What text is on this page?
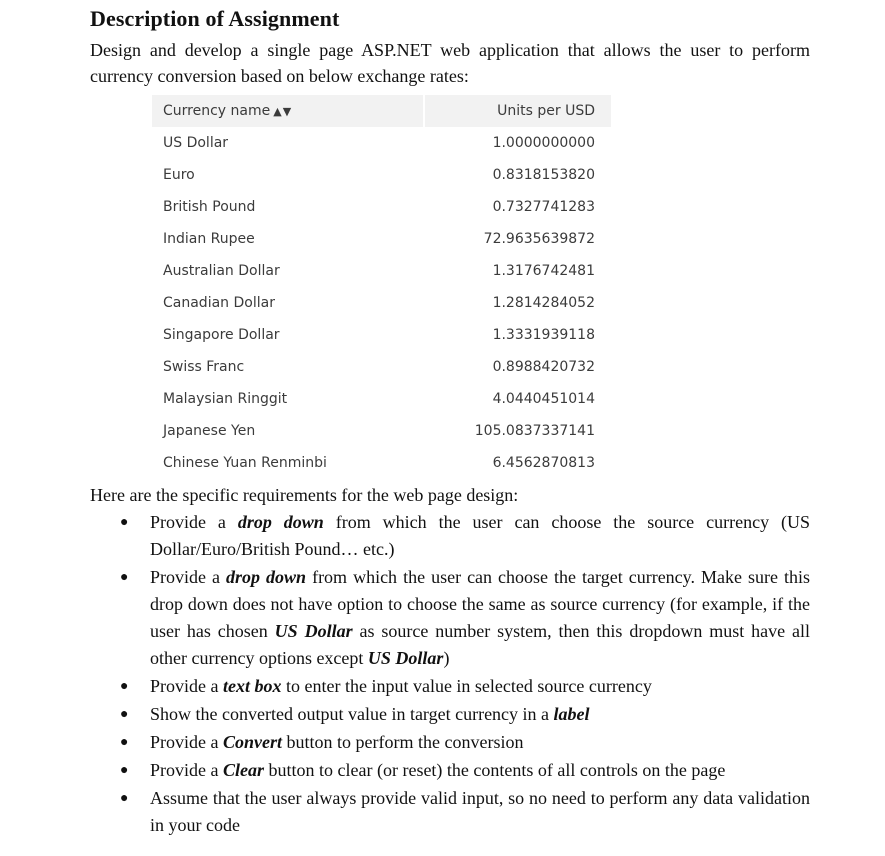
Description of Assignment

Design and develop a single page ASP.NET web application that allows the user to perform currency conversion based on below exchange rates:

Currency name ▲▼	Units per USD
US Dollar	1.0000000000
Euro	0.8318153820
British Pound	0.7327741283
Indian Rupee	72.9635639872
Australian Dollar	1.3176742481
Canadian Dollar	1.2814284052
Singapore Dollar	1.3331939118
Swiss Franc	0.8988420732
Malaysian Ringgit	4.0440451014
Japanese Yen	105.0837337141
Chinese Yuan Renminbi	6.4562870813

Here are the specific requirements for the web page design:

● Provide a drop down from which the user can choose the source currency (US Dollar/Euro/British Pound… etc.)
● Provide a drop down from which the user can choose the target currency. Make sure this drop down does not have option to choose the same as source currency (for example, if the user has chosen US Dollar as source number system, then this dropdown must have all other currency options except US Dollar)
● Provide a text box to enter the input value in selected source currency
● Show the converted output value in target currency in a label
● Provide a Convert button to perform the conversion
● Provide a Clear button to clear (or reset) the contents of all controls on the page
● Assume that the user always provide valid input, so no need to perform any data validation in your code
